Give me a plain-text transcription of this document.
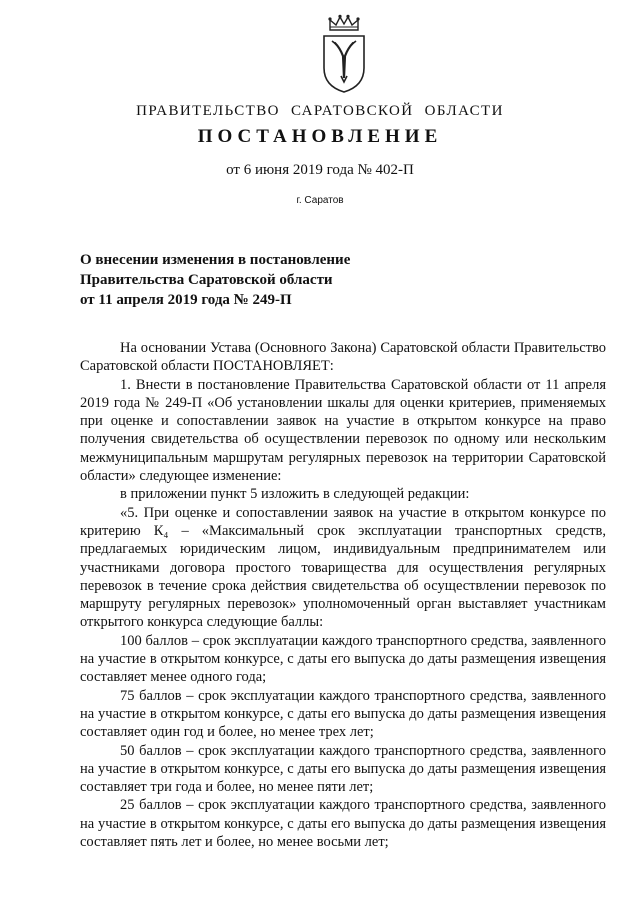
ПРАВИТЕЛЬСТВО САРАТОВСКОЙ ОБЛАСТИ
ПОСТАНОВЛЕНИЕ
от 6 июня 2019 года № 402-П
г. Саратов
О внесении изменения в постановление
Правительства Саратовской области
от 11 апреля 2019 года № 249-П

На основании Устава (Основного Закона) Саратовской области Правительство Саратовской области ПОСТАНОВЛЯЕТ:

1. Внести в постановление Правительства Саратовской области от 11 апреля 2019 года № 249-П «Об установлении шкалы для оценки критериев, применяемых при оценке и сопоставлении заявок на участие в открытом конкурсе на право получения свидетельства об осуществлении перевозок по одному или нескольким межмуниципальным маршрутам регулярных перевозок на территории Саратовской области» следующее изменение:

в приложении пункт 5 изложить в следующей редакции:

«5. При оценке и сопоставлении заявок на участие в открытом конкурсе по критерию К₄ – «Максимальный срок эксплуатации транспортных средств, предлагаемых юридическим лицом, индивидуальным предпринимателем или участниками договора простого товарищества для осуществления регулярных перевозок в течение срока действия свидетельства об осуществлении перевозок по маршруту регулярных перевозок» уполномоченный орган выставляет участникам открытого конкурса следующие баллы:

100 баллов – срок эксплуатации каждого транспортного средства, заявленного на участие в открытом конкурсе, с даты его выпуска до даты размещения извещения составляет менее одного года;

75 баллов – срок эксплуатации каждого транспортного средства, заявленного на участие в открытом конкурсе, с даты его выпуска до даты размещения извещения составляет один год и более, но менее трех лет;

50 баллов – срок эксплуатации каждого транспортного средства, заявленного на участие в открытом конкурсе, с даты его выпуска до даты размещения извещения составляет три года и более, но менее пяти лет;

25 баллов – срок эксплуатации каждого транспортного средства, заявленного на участие в открытом конкурсе, с даты его выпуска до даты размещения извещения составляет пять лет и более, но менее восьми лет;
